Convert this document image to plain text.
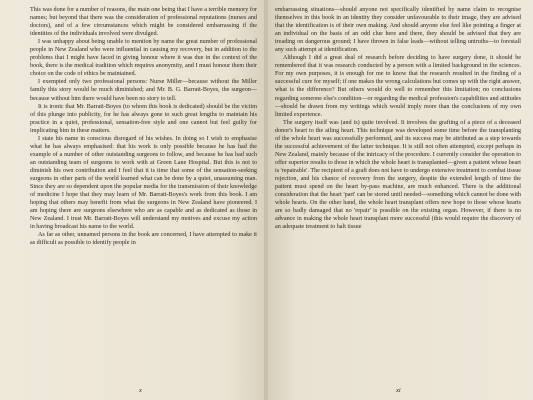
This was done for a number of reasons, the main one being that I have a terrible memory for names; but beyond that there was the consideration of professional reputations (nurses and doctors), and of a few circumstances which might be considered embarrassing if the identities of the individuals involved were divulged.

I was unhappy about being unable to mention by name the great number of professional people in New Zealand who were influential in causing my recovery, but in addition to the problems that I might have faced in giving honour where it was due in the context of the book, there is the medical tradition which requires anonymity, and I must honour them their choice on the code of ethics be maintained.

I exempted only two professional persons: Nurse Miller—because without the Miller family this story would be much diminished; and Mr. B. G. Barratt-Boyes, the surgeon—because without him there would have been no story to tell.

It is ironic that Mr. Barratt-Boyes (to whom this book is dedicated) should be the victim of this plunge into publicity, for he has always gone to such great lengths to maintain his practice in a quiet, professional, sensation-free style and one cannot but feel guilty for implicating him in these matters.

I state his name in conscious disregard of his wishes. In doing so I wish to emphasise what he has always emphasised: that his work is only possible because he has had the example of a number of other outstanding surgeons to follow, and because he has had such an outstanding team of surgeons to work with at Green Lane Hospital. But this is not to diminish his own contribution and I feel that it is time that some of the sensation-seeking surgeons in other parts of the world learned what can be done by a quiet, unassuming man. Since they are so dependent upon the popular media for the transmission of their knowledge of medicine I hope that they may learn of Mr. Barratt-Boyes's work from this book. I am hoping that others may benefit from what the surgeons in New Zealand have pioneered. I am hoping there are surgeons elsewhere who are as capable and as dedicated as those in New Zealand. I trust Mr. Barratt-Boyes will understand my motives and excuse my action in having broadcast his name to the world.

As far as other, unnamed persons in the book are concerned, I have attempted to make it as difficult as possible to identify people in

x

embarrassing situations—should anyone not specifically identified by name claim to recognise themselves in this book in an identity they consider unfavourable to their image, they are advised that the identification is of their own making. And should anyone else feel like pointing a finger at an individual on the basis of an odd clue here and there, they should be advised that they are treading on dangerous ground; I have thrown in false leads—without telling untruths—to forestall any such attempt at identification.

Although I did a great deal of research before deciding to have surgery done, it should be remembered that it was research conducted by a person with a limited background in the sciences. For my own purposes, it is enough for me to know that the research resulted in the finding of a successful cure for myself; if one makes the wrong calculations but comes up with the right answer, what is the difference? But others would do well to remember this limitation; no conclusions regarding someone else's condition—or regarding the medical profession's capabilities and attitudes—should be drawn from my writings which would imply more than the conclusions of my own limited experience.

The surgery itself was (and is) quite involved. It involves the grafting of a piece of a deceased donor's heart to the ailing heart. This technique was developed some time before the transplanting of the whole heart was successfully performed, and its success may be attributed as a step towards the successful achievement of the latter technique. It is still not often attempted, except perhaps in New Zealand, mainly because of the intricacy of the procedure. I currently consider the operation to offer superior results to those in which the whole heart is transplanted—given a patient whose heart is 'repairable'. The recipient of a graft does not have to undergo extensive treatment to combat tissue rejection, and his chance of recovery from the surgery, despite the extended length of time the patient must spend on the heart by-pass machine, are much enhanced. There is the additional consideration that the heart 'part' can be stored until needed—something which cannot be done with whole hearts. On the other hand, the whole heart transplant offers new hope to those whose hearts are so badly damaged that no 'repair' is possible on the existing organ. However, if there is no advance in making the whole heart transplant more successful (this would require the discovery of an adequate treatment to halt tissue

xi
